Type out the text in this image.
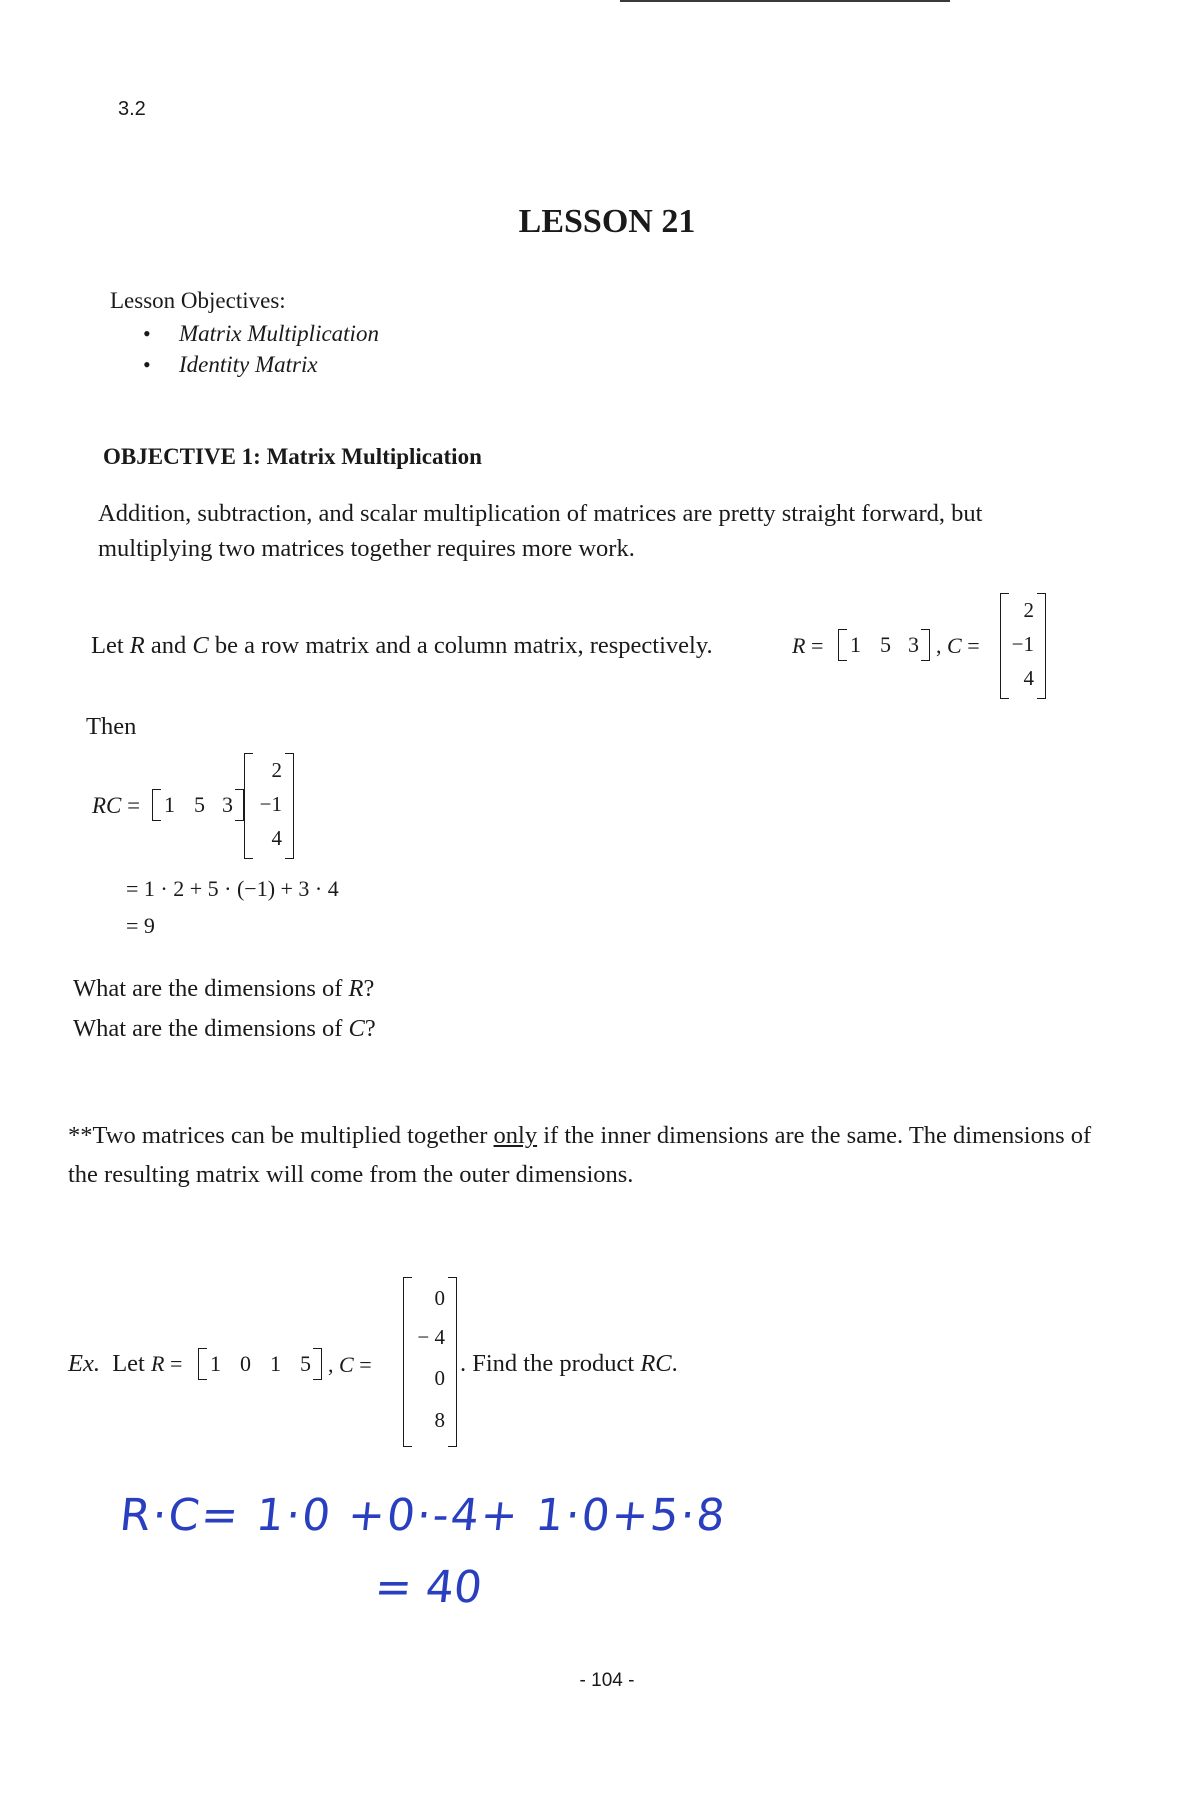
3.2
LESSON 21
Lesson Objectives:
• Matrix Multiplication
• Identity Matrix
OBJECTIVE 1: Matrix Multiplication
Addition, subtraction, and scalar multiplication of matrices are pretty straight forward, but multiplying two matrices together requires more work.
Let R and C be a row matrix and a column matrix, respectively.	R = 1 5 3 , C =
2
−1
4
Then
RC = 1 5 3
2
−1
4
= 1 · 2 + 5 · (−1) + 3 · 4
= 9
What are the dimensions of R?
What are the dimensions of C?
**Two matrices can be multiplied together only if the inner dimensions are the same. The dimensions of the resulting matrix will come from the outer dimensions.
Ex. Let R = 1 0 1 5 , C =
0
− 4
0
8
. Find the product RC.
R·C= 1·0 +0·-4+ 1·0+5·8
= 40
- 104 -
